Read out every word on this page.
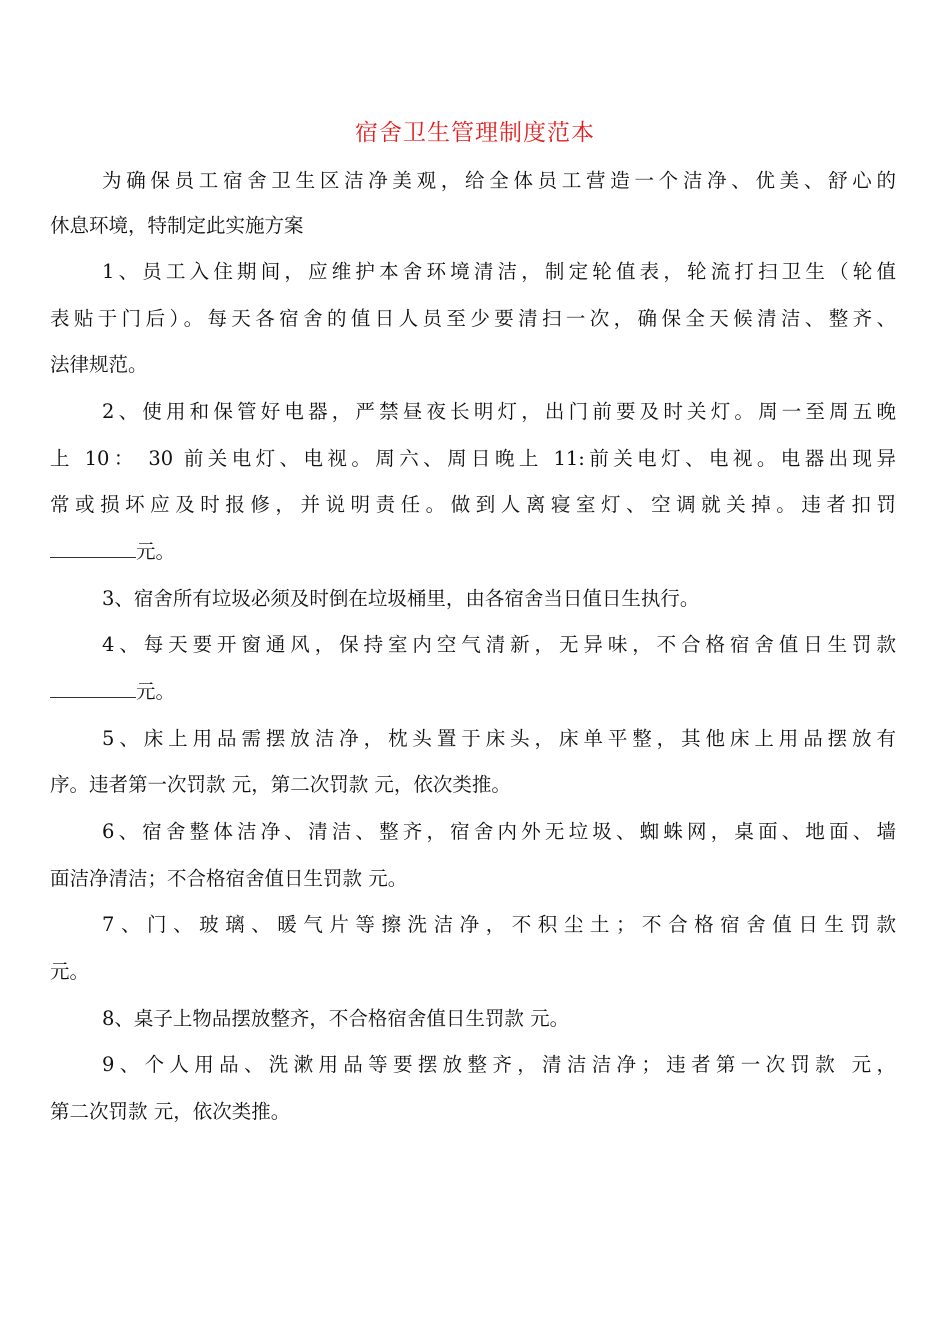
宿舍卫生管理制度范本
为确保员工宿舍卫生区洁净美观，给全体员工营造一个洁净、优美、舒心的
休息环境，特制定此实施方案
1、员工入住期间，应维护本舍环境清洁，制定轮值表，轮流打扫卫生（轮值
表贴于门后）。每天各宿舍的值日人员至少要清扫一次，确保全天候清洁、整齐、
法律规范。
2、使用和保管好电器，严禁昼夜长明灯，出门前要及时关灯。周一至周五晚
上 10： 30 前关电灯、电视。周六、周日晚上 11:前关电灯、电视。电器出现异
常或损坏应及时报修，并说明责任。做到人离寝室灯、空调就关掉。违者扣罚
元。
3、宿舍所有垃圾必须及时倒在垃圾桶里，由各宿舍当日值日生执行。
4、每天要开窗通风，保持室内空气清新，无异味，不合格宿舍值日生罚款
元。
5、床上用品需摆放洁净，枕头置于床头，床单平整，其他床上用品摆放有
序。违者第一次罚款 元，第二次罚款 元，依次类推。
6、宿舍整体洁净、清洁、整齐，宿舍内外无垃圾、蜘蛛网，桌面、地面、墙
面洁净清洁；不合格宿舍值日生罚款 元。
7、门、玻璃、暖气片等擦洗洁净，不积尘土；不合格宿舍值日生罚款
元。
8、桌子上物品摆放整齐，不合格宿舍值日生罚款 元。
9、个人用品、洗漱用品等要摆放整齐，清洁洁净；违者第一次罚款 元，
第二次罚款 元，依次类推。
